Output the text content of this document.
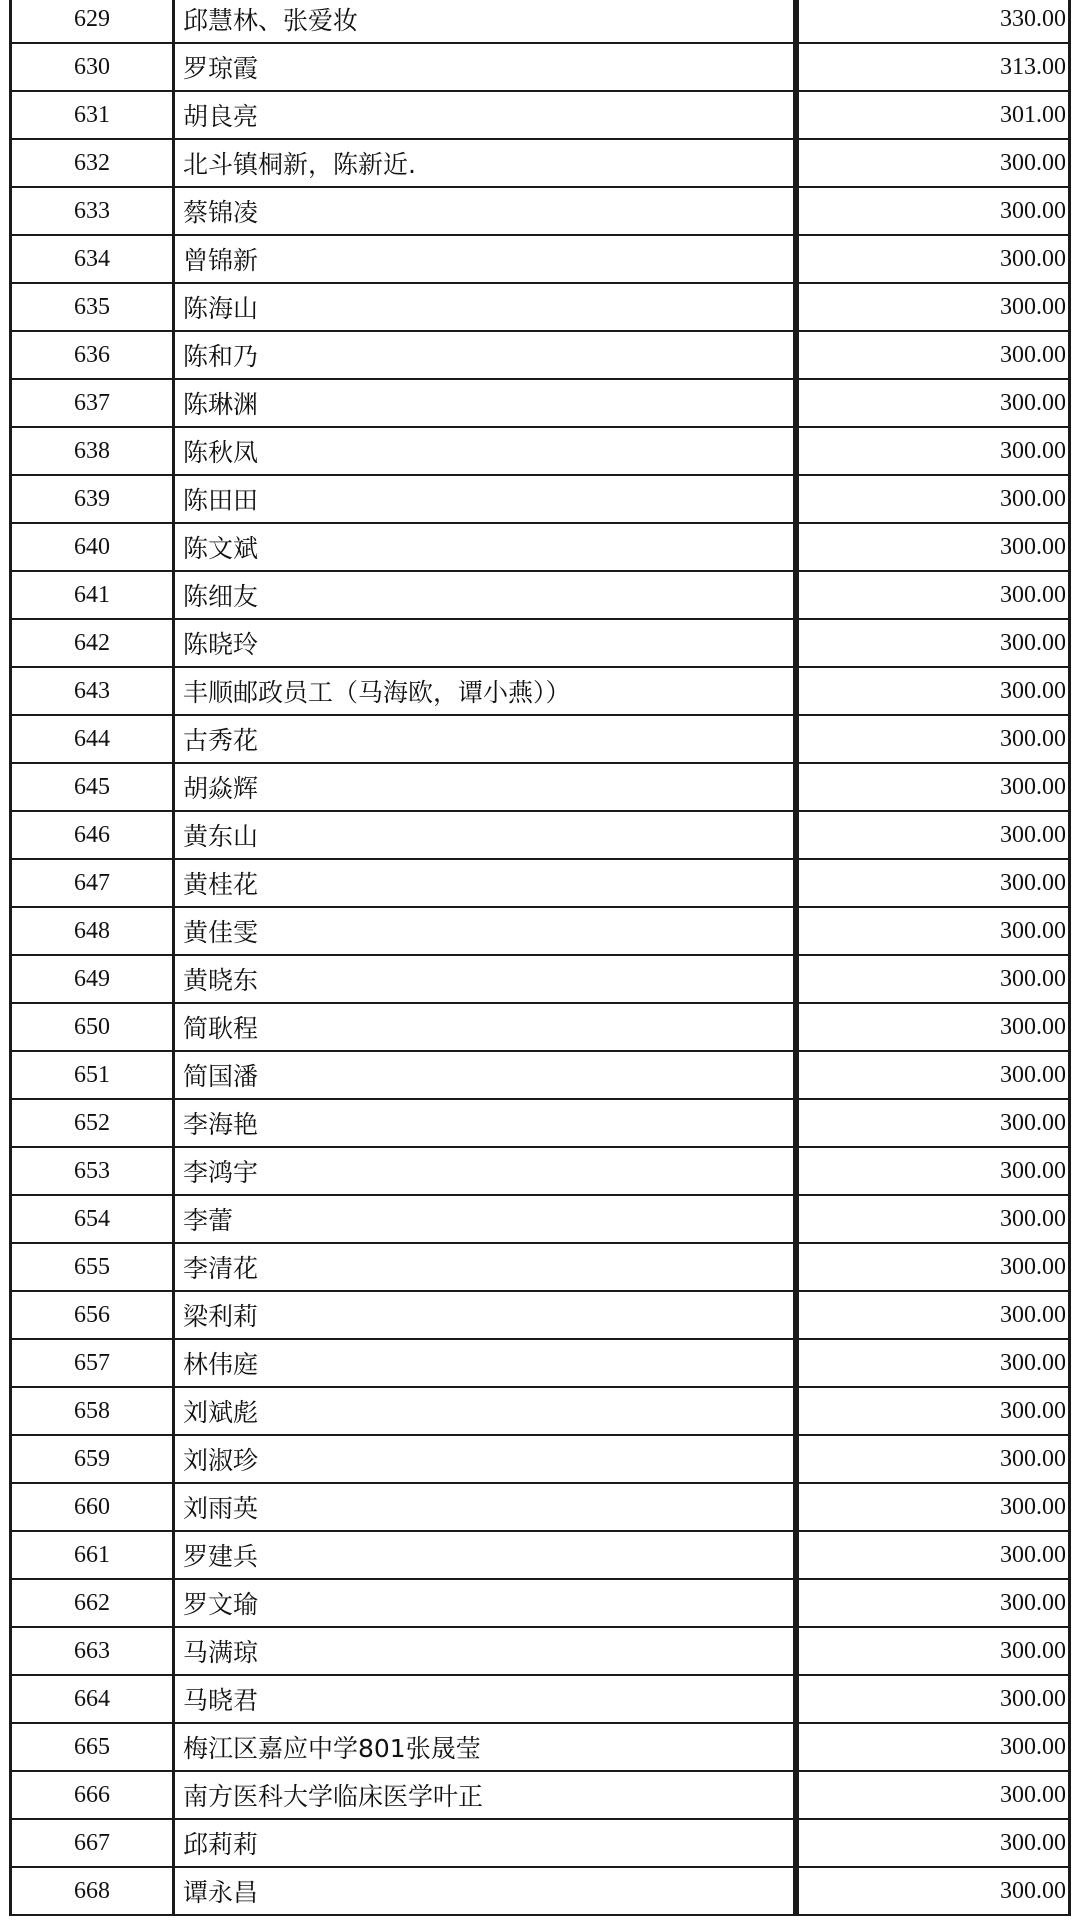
629	邱慧林、张爱妆		330.00
630	罗琼霞		313.00
631	胡良亮		301.00
632	北斗镇桐新，陈新近.		300.00
633	蔡锦凌		300.00
634	曾锦新		300.00
635	陈海山		300.00
636	陈和乃		300.00
637	陈琳渊		300.00
638	陈秋凤		300.00
639	陈田田		300.00
640	陈文斌		300.00
641	陈细友		300.00
642	陈晓玲		300.00
643	丰顺邮政员工（马海欧，谭小燕））		300.00
644	古秀花		300.00
645	胡焱辉		300.00
646	黄东山		300.00
647	黄桂花		300.00
648	黄佳雯		300.00
649	黄晓东		300.00
650	简耿程		300.00
651	简国潘		300.00
652	李海艳		300.00
653	李鸿宇		300.00
654	李蕾		300.00
655	李清花		300.00
656	梁利莉		300.00
657	林伟庭		300.00
658	刘斌彪		300.00
659	刘淑珍		300.00
660	刘雨英		300.00
661	罗建兵		300.00
662	罗文瑜		300.00
663	马满琼		300.00
664	马晓君		300.00
665	梅江区嘉应中学801张晟莹		300.00
666	南方医科大学临床医学叶正		300.00
667	邱莉莉		300.00
668	谭永昌		300.00
